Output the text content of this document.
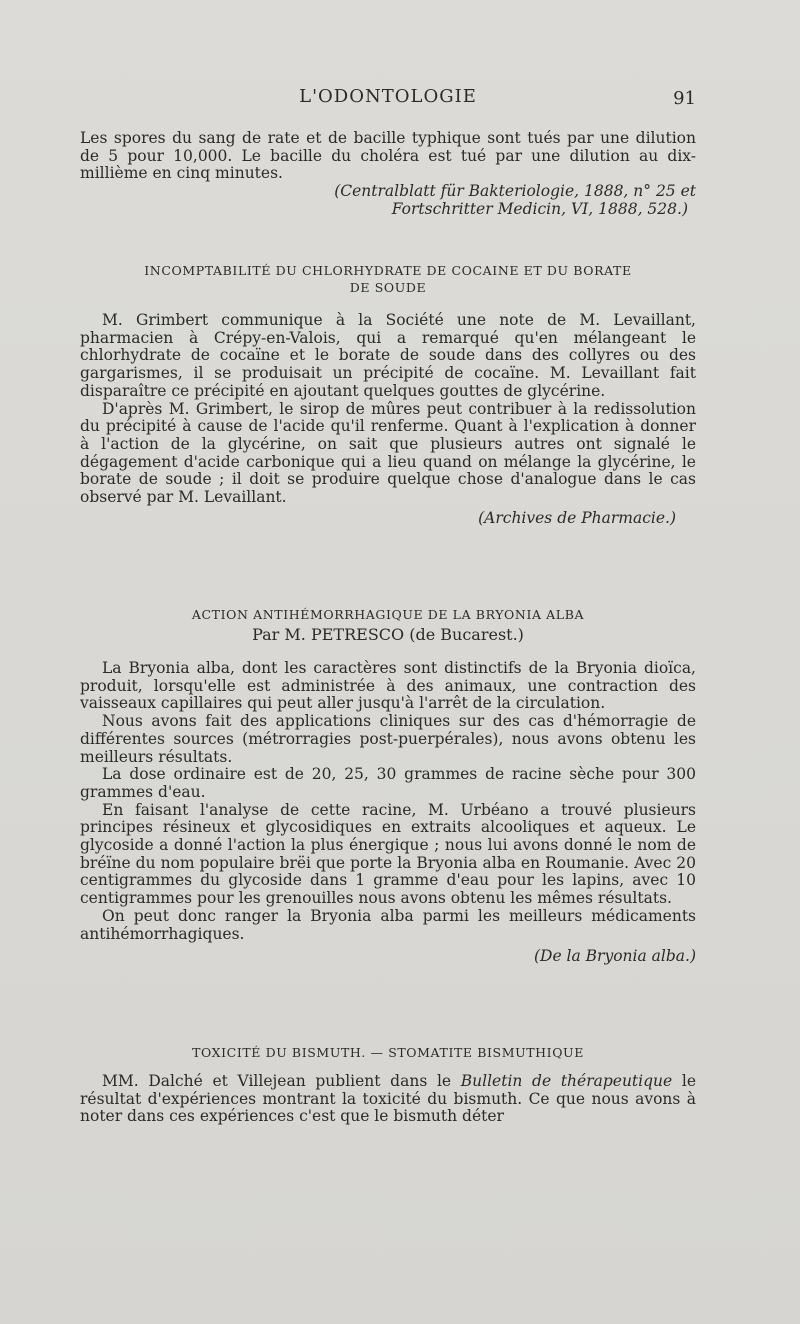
L'ODONTOLOGIE	91

Les spores du sang de rate et de bacille typhique sont tués par une dilution de 5 pour 10,000. Le bacille du choléra est tué par une dilution au dix-millième en cinq minutes.

(Centralblatt für Bakteriologie, 1888, n° 25 et
Fortschritter Medicin, VI, 1888, 528.)
INCOMPTABILITÉ DU CHLORHYDRATE DE COCAINE ET DU BORATE
DE SOUDE

M. Grimbert communique à la Société une note de M. Levaillant, pharmacien à Crépy-en-Valois, qui a remarqué qu'en mélangeant le chlorhydrate de cocaïne et le borate de soude dans des collyres ou des gargarismes, il se produisait un précipité de cocaïne. M. Levaillant fait disparaître ce précipité en ajoutant quelques gouttes de glycérine.

D'après M. Grimbert, le sirop de mûres peut contribuer à la redissolution du précipité à cause de l'acide qu'il renferme. Quant à l'explication à donner à l'action de la glycérine, on sait que plusieurs autres ont signalé le dégagement d'acide carbonique qui a lieu quand on mélange la glycérine, le borate de soude ; il doit se produire quelque chose d'analogue dans le cas observé par M. Levaillant.

(Archives de Pharmacie.)
ACTION ANTIHÉMORRHAGIQUE DE LA BRYONIA ALBA
Par M. PETRESCO (de Bucarest.)

La Bryonia alba, dont les caractères sont distinctifs de la Bryonia dioïca, produit, lorsqu'elle est administrée à des animaux, une contraction des vaisseaux capillaires qui peut aller jusqu'à l'arrêt de la circulation.

Nous avons fait des applications cliniques sur des cas d'hémorragie de différentes sources (métrorragies post-puerpérales), nous avons obtenu les meilleurs résultats.

La dose ordinaire est de 20, 25, 30 grammes de racine sèche pour 300 grammes d'eau.

En faisant l'analyse de cette racine, M. Urbéano a trouvé plusieurs principes résineux et glycosidiques en extraits alcooliques et aqueux. Le glycoside a donné l'action la plus énergique ; nous lui avons donné le nom de bréïne du nom populaire brëi que porte la Bryonia alba en Roumanie. Avec 20 centigrammes du glycoside dans 1 gramme d'eau pour les lapins, avec 10 centigrammes pour les grenouilles nous avons obtenu les mêmes résultats.

On peut donc ranger la Bryonia alba parmi les meilleurs médicaments antihémorrhagiques.

(De la Bryonia alba.)
TOXICITÉ DU BISMUTH. — STOMATITE BISMUTHIQUE

MM. Dalché et Villejean publient dans le Bulletin de thérapeutique le résultat d'expériences montrant la toxicité du bismuth. Ce que nous avons à noter dans ces expériences c'est que le bismuth déter
